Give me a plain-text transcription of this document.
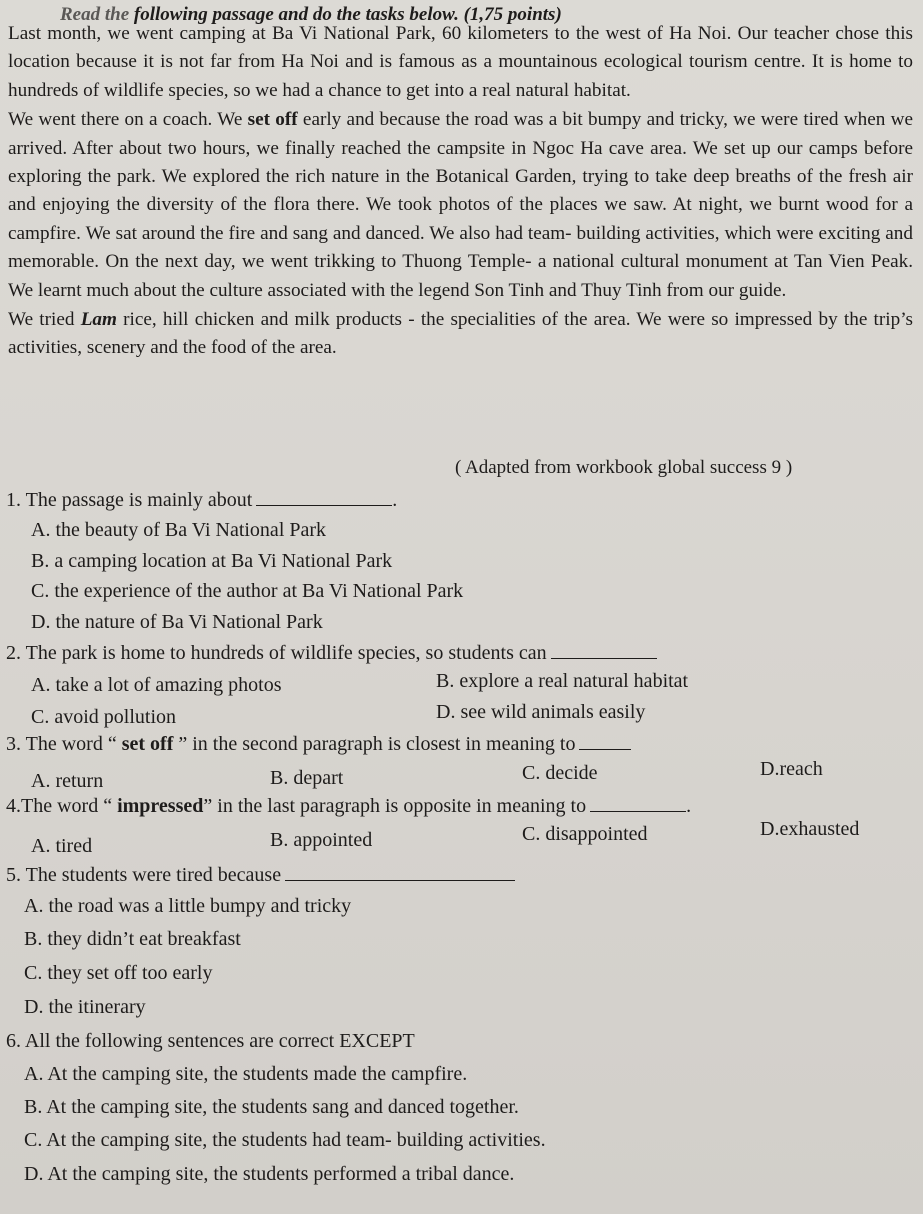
Read the following passage and do the tasks below. (1,75 points)

Last month, we went camping at Ba Vi National Park, 60 kilometers to the west of Ha Noi. Our teacher chose this location because it is not far from Ha Noi and is famous as a mountainous ecological tourism centre. It is home to hundreds of wildlife species, so we had a chance to get into a real natural habitat.

We went there on a coach. We set off early and because the road was a bit bumpy and tricky, we were tired when we arrived. After about two hours, we finally reached the campsite in Ngoc Ha cave area. We set up our camps before exploring the park. We explored the rich nature in the Botanical Garden, trying to take deep breaths of the fresh air and enjoying the diversity of the flora there. We took photos of the places we saw. At night, we burnt wood for a campfire. We sat around the fire and sang and danced. We also had team- building activities, which were exciting and memorable. On the next day, we went trikking to Thuong Temple- a national cultural monument at Tan Vien Peak. We learnt much about the culture associated with the legend Son Tinh and Thuy Tinh from our guide.

We tried Lam rice, hill chicken and milk products - the specialities of the area. We were so impressed by the trip’s activities, scenery and the food of the area.

( Adapted from workbook global success 9 )
1. The passage is mainly about	.
A. the beauty of Ba Vi National Park
B. a camping location at Ba Vi National Park
C. the experience of the author at Ba Vi National Park
D. the nature of Ba Vi National Park
2. The park is home to hundreds of wildlife species, so students can
A. take a lot of amazing photos	B. explore a real natural habitat
C. avoid pollution	D. see wild animals easily
3. The word “ set off ” in the second paragraph is closest in meaning to
A. return	B. depart	C. decide	D.reach
4.The word “ impressed” in the last paragraph is opposite in meaning to	.
A. tired	B. appointed	C. disappointed	D.exhausted
5. The students were tired because
A. the road was a little bumpy and tricky
B. they didn’t eat breakfast
C. they set off too early
D. the itinerary
6. All the following sentences are correct EXCEPT
A. At the camping site, the students made the campfire.
B. At the camping site, the students sang and danced together.
C. At the camping site, the students had team- building activities.
D. At the camping site, the students performed a tribal dance.
